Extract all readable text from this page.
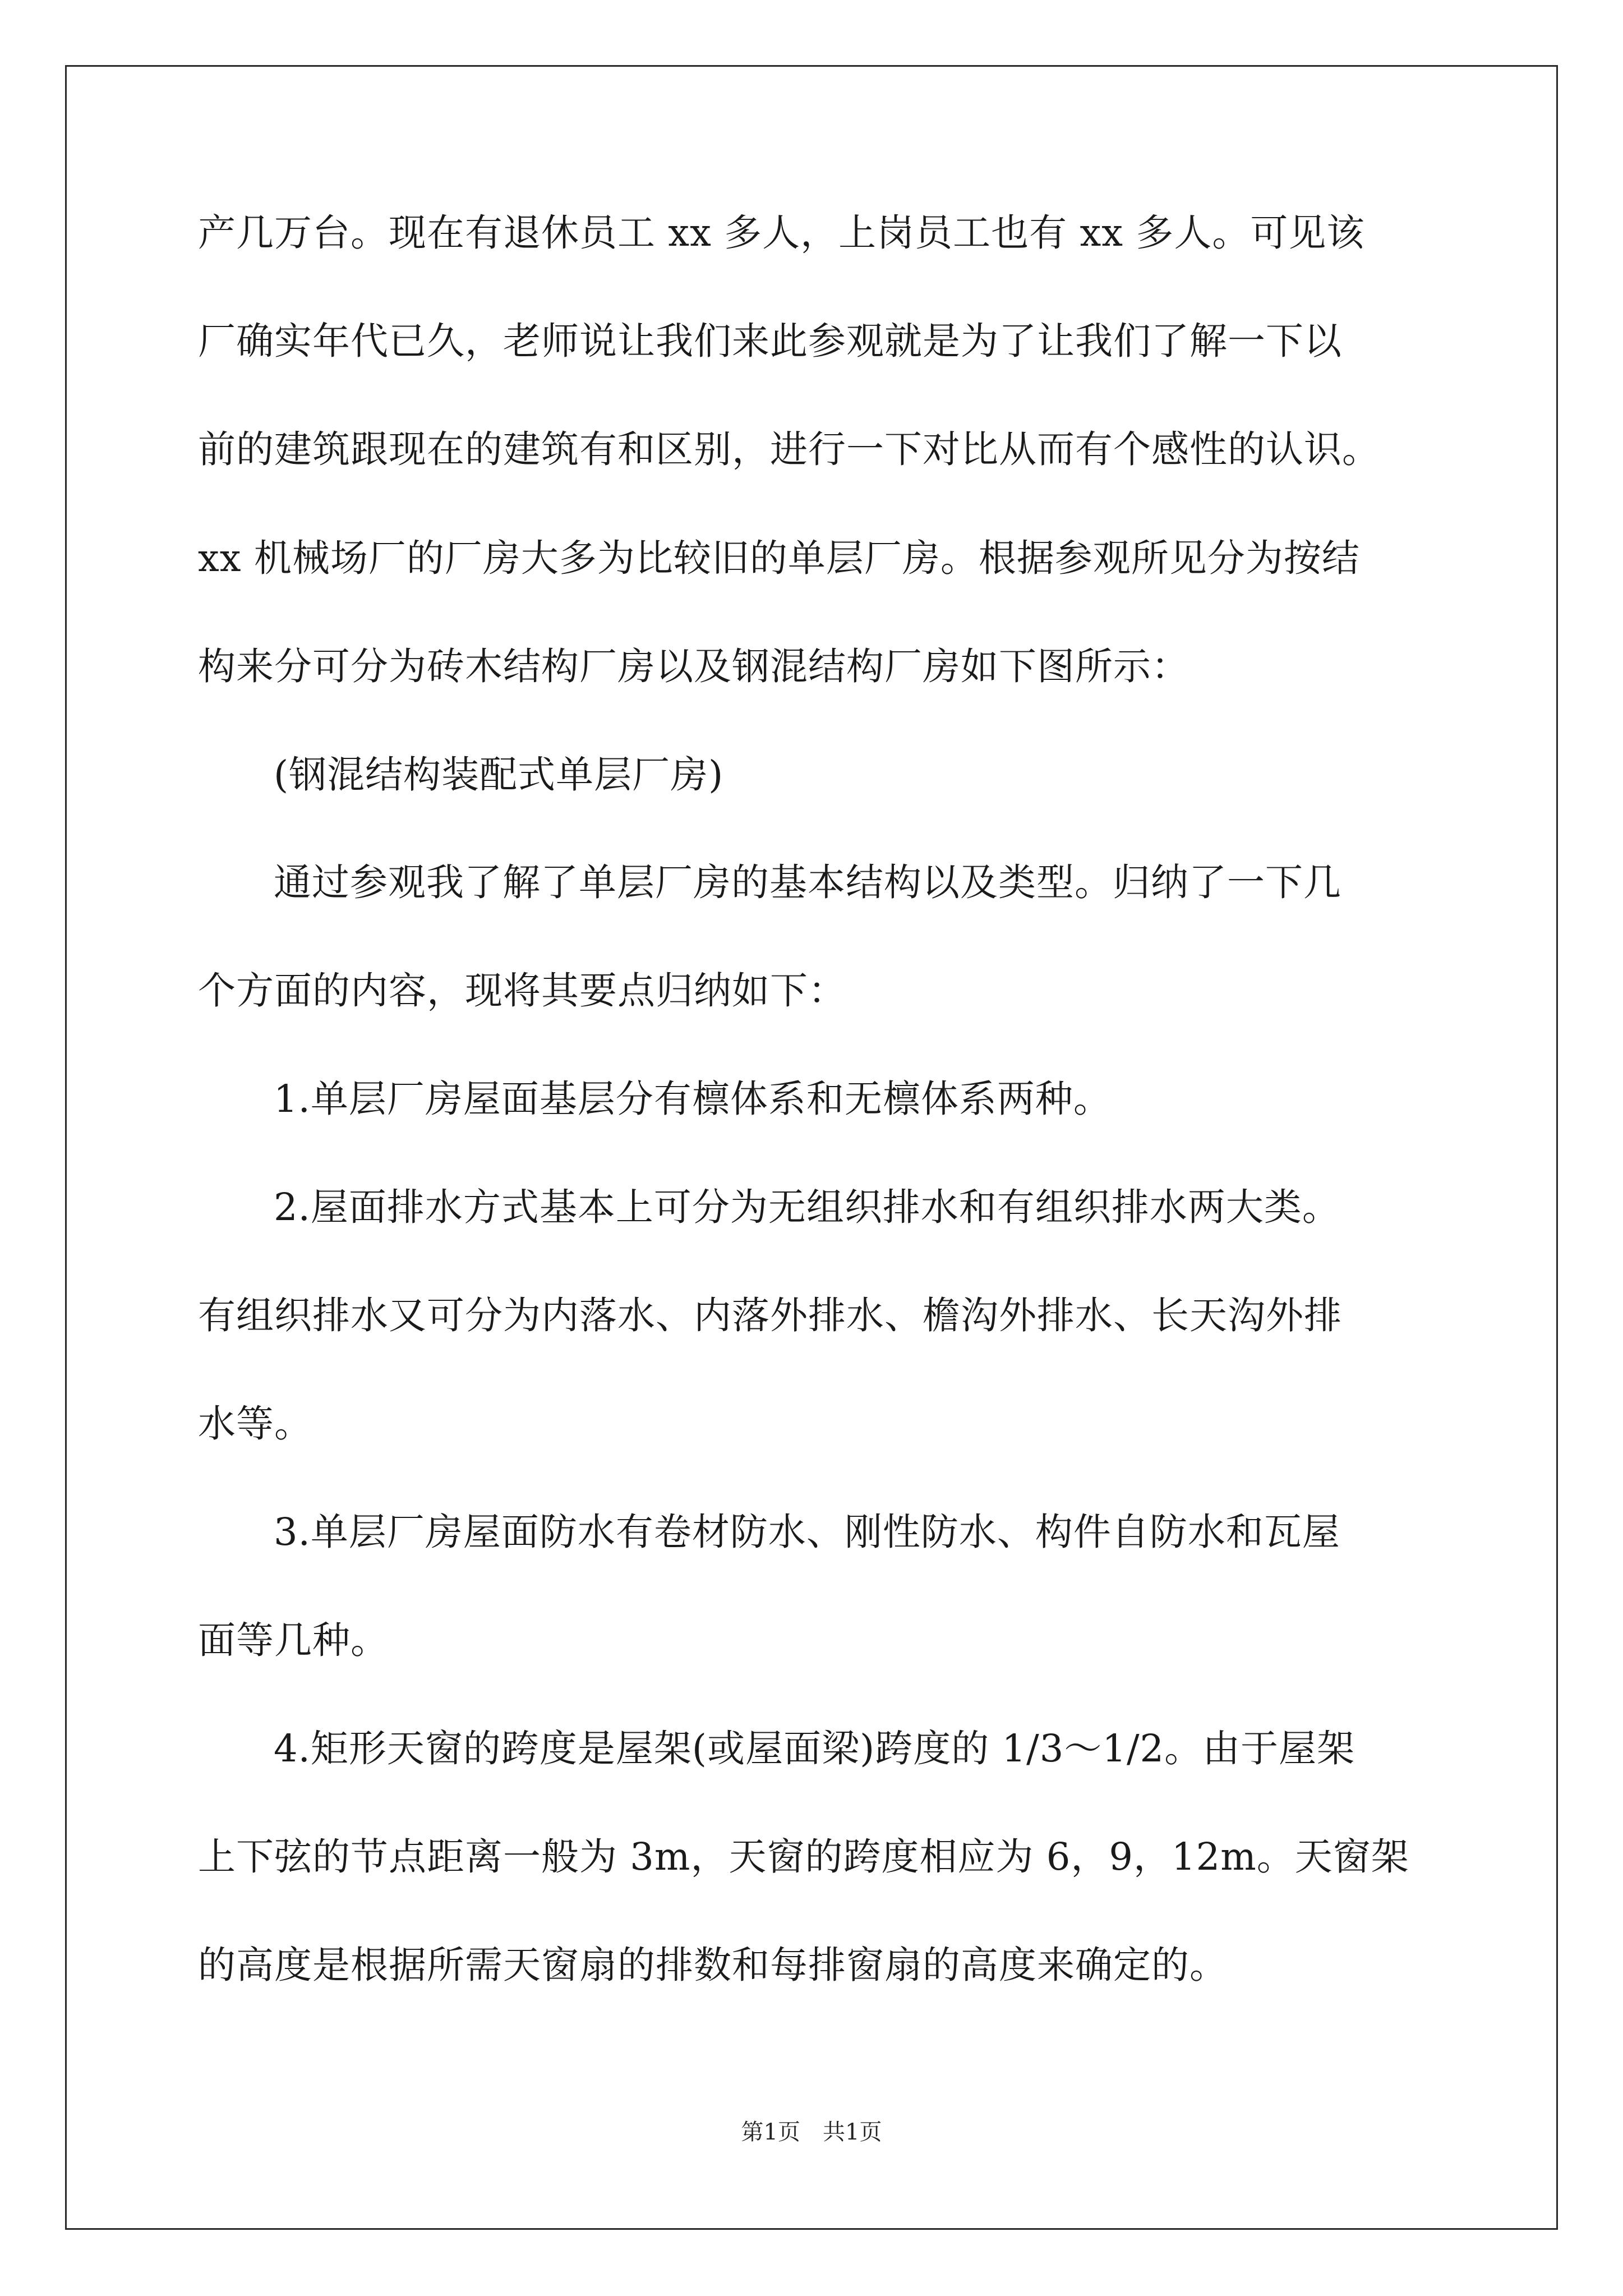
产几万台。现在有退休员工 xx 多人，上岗员工也有 xx 多人。可见该
厂确实年代已久，老师说让我们来此参观就是为了让我们了解一下以
前的建筑跟现在的建筑有和区别，进行一下对比从而有个感性的认识。
xx 机械场厂的厂房大多为比较旧的单层厂房。根据参观所见分为按结
构来分可分为砖木结构厂房以及钢混结构厂房如下图所示：
(钢混结构装配式单层厂房)
通过参观我了解了单层厂房的基本结构以及类型。归纳了一下几
个方面的内容，现将其要点归纳如下：
1.单层厂房屋面基层分有檩体系和无檩体系两种。
2.屋面排水方式基本上可分为无组织排水和有组织排水两大类。
有组织排水又可分为内落水、内落外排水、檐沟外排水、长天沟外排
水等。
3.单层厂房屋面防水有卷材防水、刚性防水、构件自防水和瓦屋
面等几种。
4.矩形天窗的跨度是屋架(或屋面梁)跨度的 1/3～1/2。由于屋架
上下弦的节点距离一般为 3m，天窗的跨度相应为 6，9，12m。天窗架
的高度是根据所需天窗扇的排数和每排窗扇的高度来确定的。
第1页　共1页
